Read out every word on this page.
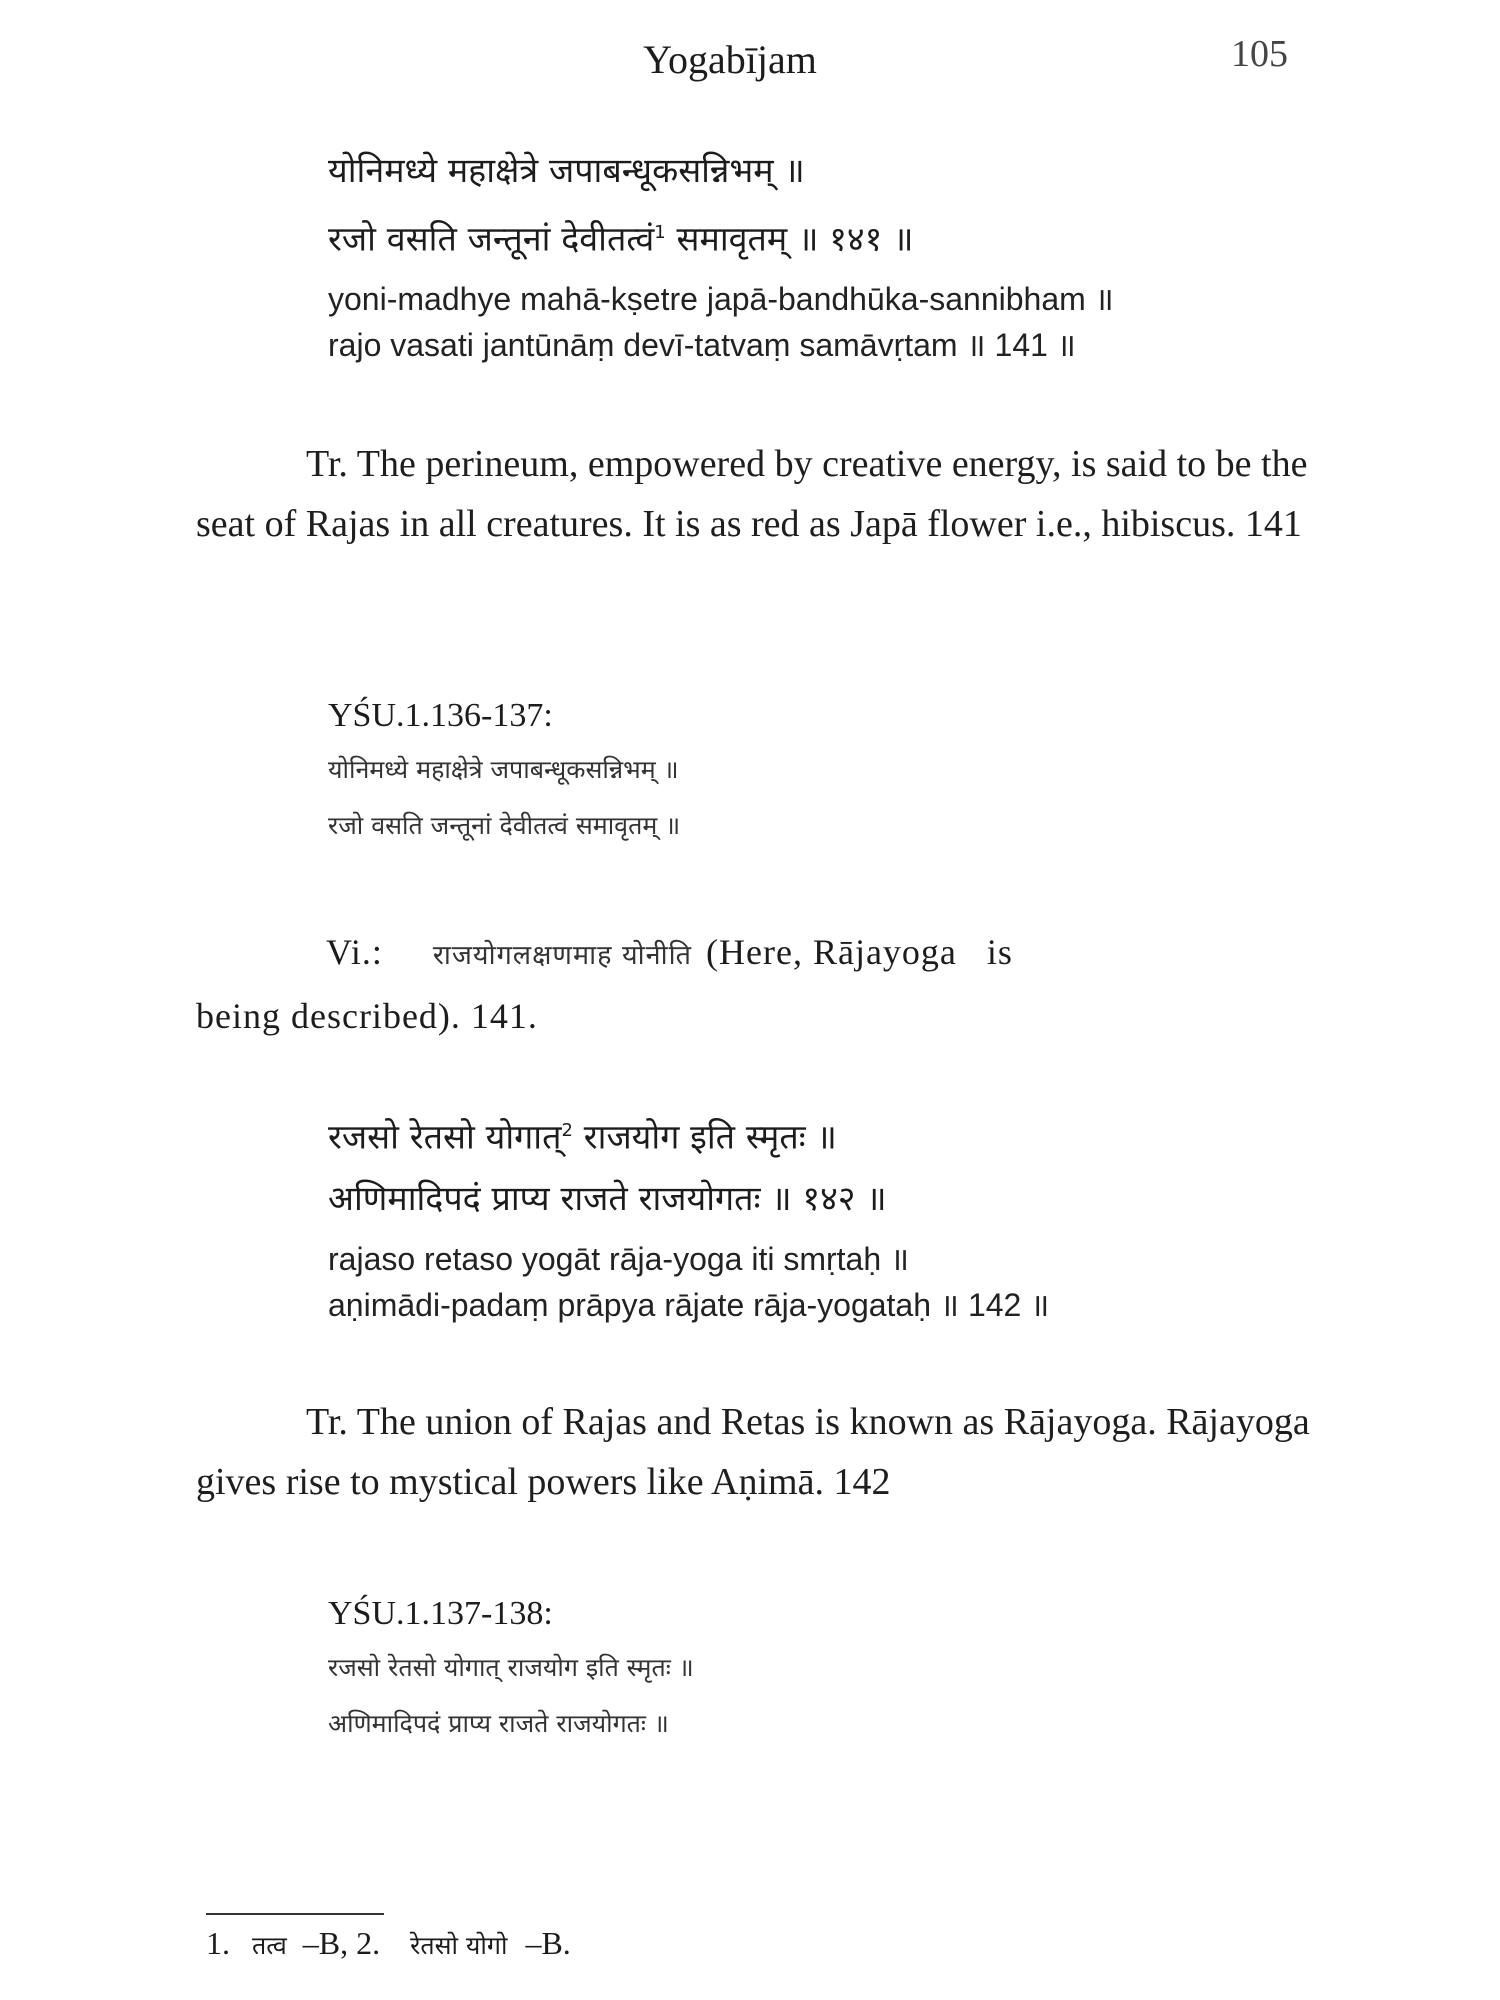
Yogabījam	105
योनिमध्ये महाक्षेत्रे जपाबन्धूकसन्निभम् ॥
रजो वसति जन्तूनां देवीतत्वं$^1$ समावृतम् ॥ १४१ ॥
yoni-madhye mahā-kṣetre japā-bandhūka-sannibham ॥
rajo vasati jantūnāṃ devī-tatvaṃ samāvṛtam ॥ 141 ॥
Tr. The perineum, empowered by creative energy, is said to be the seat of Rajas in all creatures. It is as red as Japā flower i.e., hibiscus. 141
YŚU.1.136-137:
योनिमध्ये महाक्षेत्रे जपाबन्धूकसन्निभम् ॥
रजो वसति जन्तूनां देवीतत्वं समावृतम् ॥
Vi.: राजयोगलक्षणमाह योनीति (Here, Rājayoga is
being described). 141.
रजसो रेतसो योगात्$^2$ राजयोग इति स्मृतः ॥
अणिमादिपदं प्राप्य राजते राजयोगतः ॥ १४२ ॥
rajaso retaso yogāt rāja-yoga iti smṛtaḥ ॥
aṇimādi-padaṃ prāpya rājate rāja-yogataḥ ॥ 142 ॥
Tr. The union of Rajas and Retas is known as Rājayoga. Rājayoga gives rise to mystical powers like Aṇimā. 142
YŚU.1.137-138:
रजसो रेतसो योगात् राजयोग इति स्मृतः ॥
अणिमादिपदं प्राप्य राजते राजयोगतः ॥
1. तत्व –B, 2. रेतसो योगो –B.
